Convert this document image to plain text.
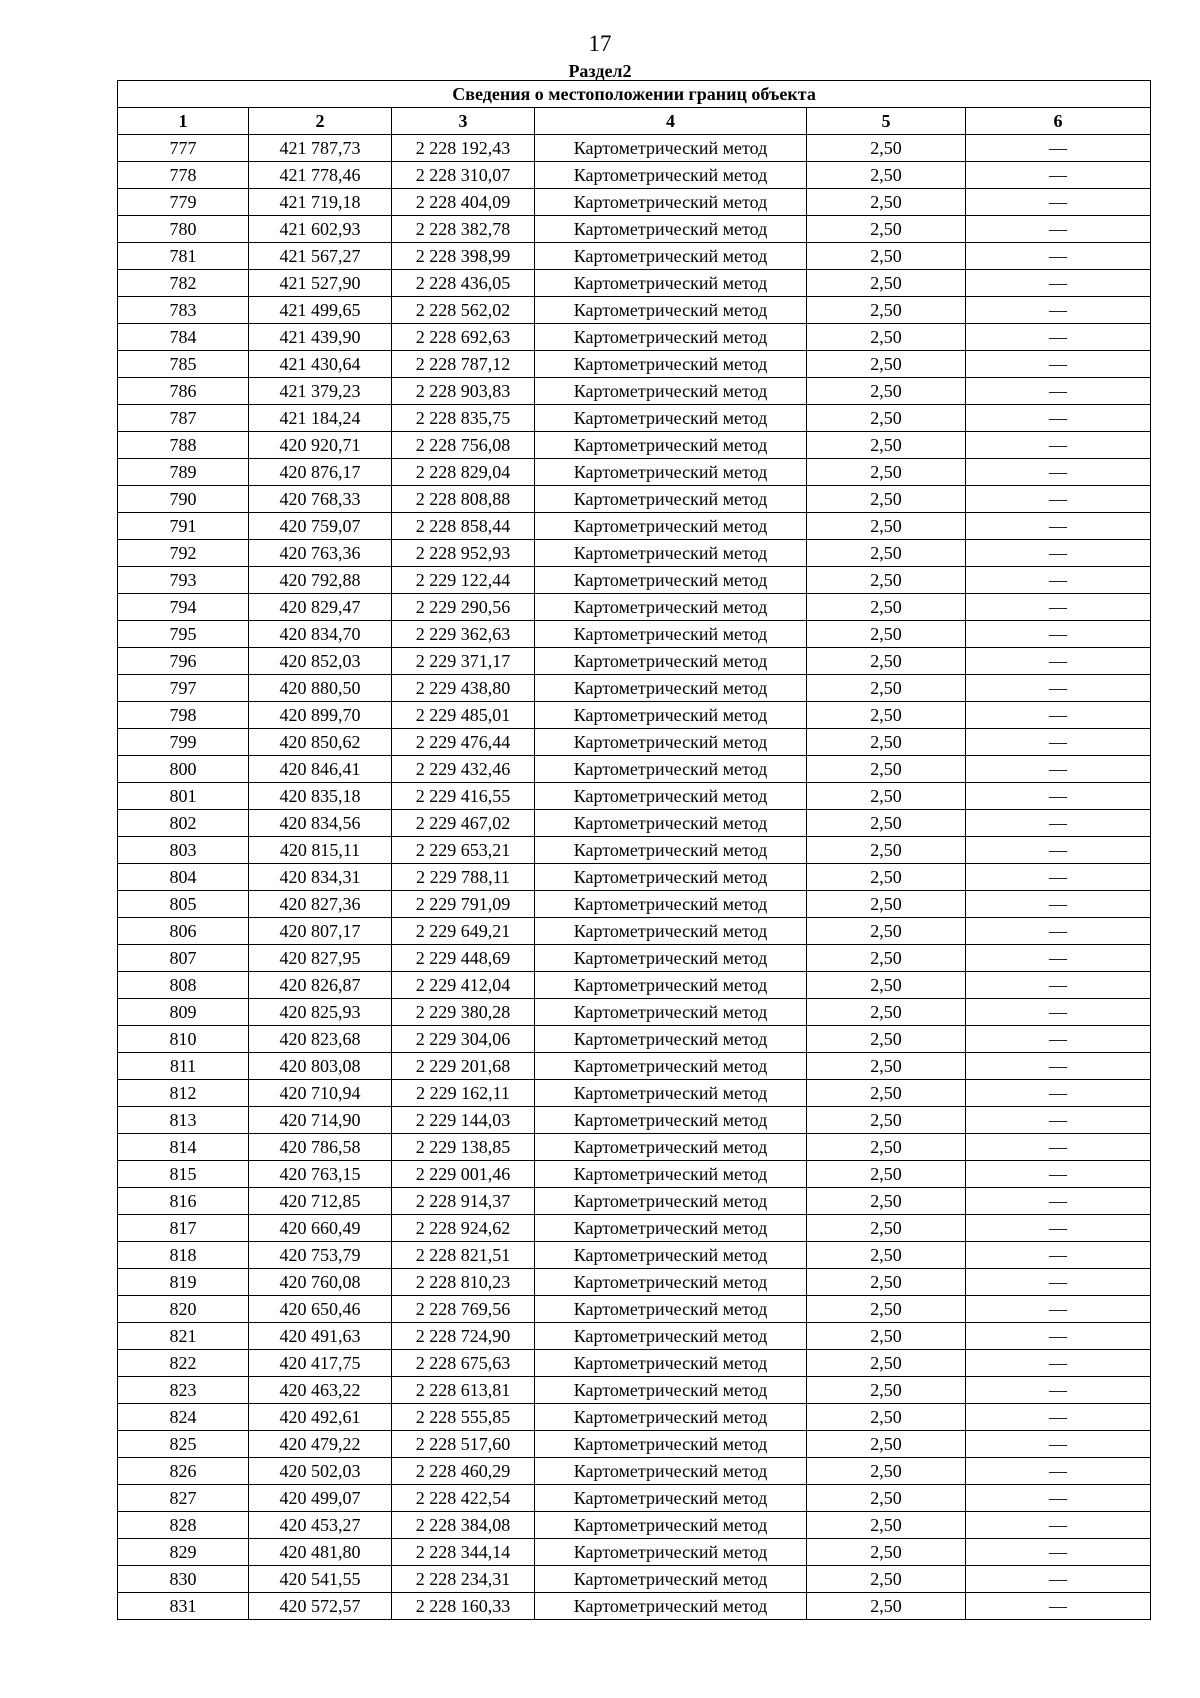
17
Раздел2
Сведения о местоположении границ объекта					
1	2	3	4	5	6
777	421 787,73	2 228 192,43	Картометрический метод	2,50	—
778	421 778,46	2 228 310,07	Картометрический метод	2,50	—
779	421 719,18	2 228 404,09	Картометрический метод	2,50	—
780	421 602,93	2 228 382,78	Картометрический метод	2,50	—
781	421 567,27	2 228 398,99	Картометрический метод	2,50	—
782	421 527,90	2 228 436,05	Картометрический метод	2,50	—
783	421 499,65	2 228 562,02	Картометрический метод	2,50	—
784	421 439,90	2 228 692,63	Картометрический метод	2,50	—
785	421 430,64	2 228 787,12	Картометрический метод	2,50	—
786	421 379,23	2 228 903,83	Картометрический метод	2,50	—
787	421 184,24	2 228 835,75	Картометрический метод	2,50	—
788	420 920,71	2 228 756,08	Картометрический метод	2,50	—
789	420 876,17	2 228 829,04	Картометрический метод	2,50	—
790	420 768,33	2 228 808,88	Картометрический метод	2,50	—
791	420 759,07	2 228 858,44	Картометрический метод	2,50	—
792	420 763,36	2 228 952,93	Картометрический метод	2,50	—
793	420 792,88	2 229 122,44	Картометрический метод	2,50	—
794	420 829,47	2 229 290,56	Картометрический метод	2,50	—
795	420 834,70	2 229 362,63	Картометрический метод	2,50	—
796	420 852,03	2 229 371,17	Картометрический метод	2,50	—
797	420 880,50	2 229 438,80	Картометрический метод	2,50	—
798	420 899,70	2 229 485,01	Картометрический метод	2,50	—
799	420 850,62	2 229 476,44	Картометрический метод	2,50	—
800	420 846,41	2 229 432,46	Картометрический метод	2,50	—
801	420 835,18	2 229 416,55	Картометрический метод	2,50	—
802	420 834,56	2 229 467,02	Картометрический метод	2,50	—
803	420 815,11	2 229 653,21	Картометрический метод	2,50	—
804	420 834,31	2 229 788,11	Картометрический метод	2,50	—
805	420 827,36	2 229 791,09	Картометрический метод	2,50	—
806	420 807,17	2 229 649,21	Картометрический метод	2,50	—
807	420 827,95	2 229 448,69	Картометрический метод	2,50	—
808	420 826,87	2 229 412,04	Картометрический метод	2,50	—
809	420 825,93	2 229 380,28	Картометрический метод	2,50	—
810	420 823,68	2 229 304,06	Картометрический метод	2,50	—
811	420 803,08	2 229 201,68	Картометрический метод	2,50	—
812	420 710,94	2 229 162,11	Картометрический метод	2,50	—
813	420 714,90	2 229 144,03	Картометрический метод	2,50	—
814	420 786,58	2 229 138,85	Картометрический метод	2,50	—
815	420 763,15	2 229 001,46	Картометрический метод	2,50	—
816	420 712,85	2 228 914,37	Картометрический метод	2,50	—
817	420 660,49	2 228 924,62	Картометрический метод	2,50	—
818	420 753,79	2 228 821,51	Картометрический метод	2,50	—
819	420 760,08	2 228 810,23	Картометрический метод	2,50	—
820	420 650,46	2 228 769,56	Картометрический метод	2,50	—
821	420 491,63	2 228 724,90	Картометрический метод	2,50	—
822	420 417,75	2 228 675,63	Картометрический метод	2,50	—
823	420 463,22	2 228 613,81	Картометрический метод	2,50	—
824	420 492,61	2 228 555,85	Картометрический метод	2,50	—
825	420 479,22	2 228 517,60	Картометрический метод	2,50	—
826	420 502,03	2 228 460,29	Картометрический метод	2,50	—
827	420 499,07	2 228 422,54	Картометрический метод	2,50	—
828	420 453,27	2 228 384,08	Картометрический метод	2,50	—
829	420 481,80	2 228 344,14	Картометрический метод	2,50	—
830	420 541,55	2 228 234,31	Картометрический метод	2,50	—
831	420 572,57	2 228 160,33	Картометрический метод	2,50	—
